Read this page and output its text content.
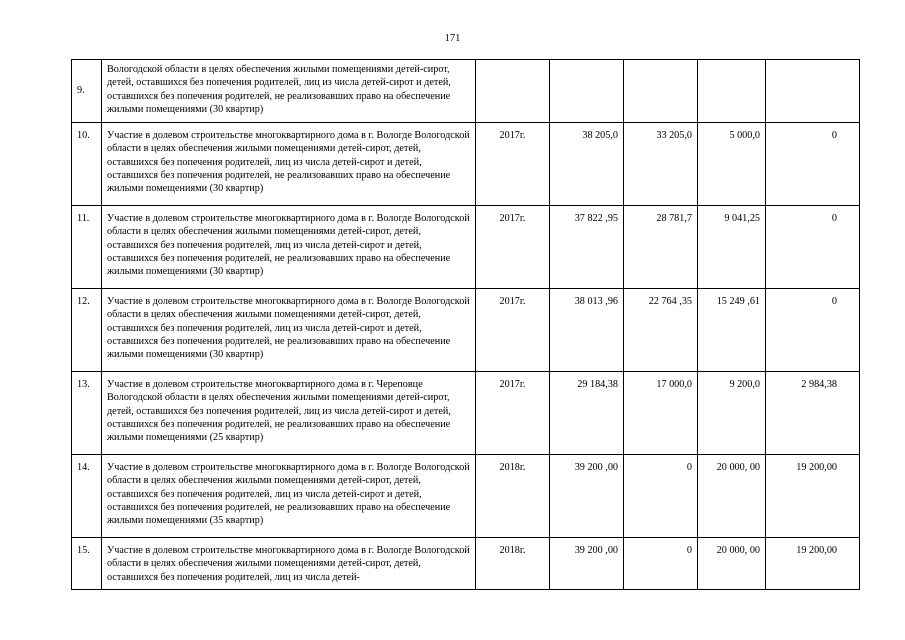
171
9.	Вологодской области в целях обеспечения жилыми помещениями детей-сирот, детей, оставшихся без попечения родителей, лиц из числа детей-сирот и детей, оставшихся без попечения родителей, не реализовавших право на обеспечение жилыми помещениями (30 квартир)					
10.	Участие в долевом строительстве многоквартирного дома в г. Вологде Вологодской области в целях обеспечения жилыми помещениями детей-сирот, детей, оставшихся без попечения родителей, лиц из числа детей-сирот и детей, оставшихся без попечения родителей, не реализовавших право на обеспечение жилыми помещениями (30 квартир)	2017г.	38 205,0	33 205,0	5 000,0	0
11.	Участие в долевом строительстве многоквартирного дома в г. Вологде Вологодской области в целях обеспечения жилыми помещениями детей-сирот, детей, оставшихся без попечения родителей, лиц из числа детей-сирот и детей, оставшихся без попечения родителей, не реализовавших право на обеспечение жилыми помещениями (30 квартир)	2017г.	37 822 ,95	28 781,7	9 041,25	0
12.	Участие в долевом строительстве многоквартирного дома в г. Вологде Вологодской области в целях обеспечения жилыми помещениями детей-сирот, детей, оставшихся без попечения родителей, лиц из числа детей-сирот и детей, оставшихся без попечения родителей, не реализовавших право на обеспечение жилыми помещениями (30 квартир)	2017г.	38 013 ,96	22 764 ,35	15 249 ,61	0
13.	Участие в долевом строительстве многоквартирного дома в г. Череповце Вологодской области в целях обеспечения жилыми помещениями детей-сирот, детей, оставшихся без попечения родителей, лиц из числа детей-сирот и детей, оставшихся без попечения родителей, не реализовавших право на обеспечение жилыми помещениями (25 квартир)	2017г.	29 184,38	17 000,0	9 200,0	2 984,38
14.	Участие в долевом строительстве многоквартирного дома в г. Вологде Вологодской области в целях обеспечения жилыми помещениями детей-сирот, детей, оставшихся без попечения родителей, лиц из числа детей-сирот и детей, оставшихся без попечения родителей, не реализовавших право на обеспечение жилыми помещениями (35 квартир)	2018г.	39 200 ,00	0	20 000, 00	19 200,00
15.	Участие в долевом строительстве многоквартирного дома в г. Вологде Вологодской области в целях обеспечения жилыми помещениями детей-сирот, детей, оставшихся без попечения родителей, лиц из числа детей-	2018г.	39 200 ,00	0	20 000, 00	19 200,00
